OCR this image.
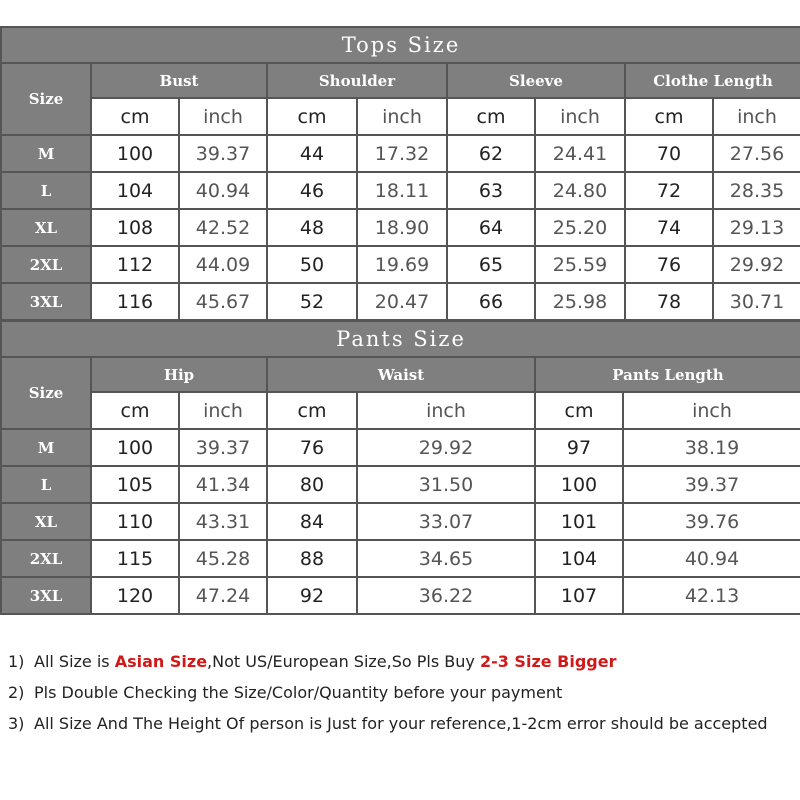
Tops Size								
Size	Bust		Shoulder		Sleeve		Clothe Length	
	cm	inch	cm	inch	cm	inch	cm	inch
M	100	39.37	44	17.32	62	24.41	70	27.56
L	104	40.94	46	18.11	63	24.80	72	28.35
XL	108	42.52	48	18.90	64	25.20	74	29.13
2XL	112	44.09	50	19.69	65	25.59	76	29.92
3XL	116	45.67	52	20.47	66	25.98	78	30.71
Pants Size						
Size	Hip		Waist		Pants Length	
	cm	inch	cm	inch	cm	inch
M	100	39.37	76	29.92	97	38.19
L	105	41.34	80	31.50	100	39.37
XL	110	43.31	84	33.07	101	39.76
2XL	115	45.28	88	34.65	104	40.94
3XL	120	47.24	92	36.22	107	42.13
1) All Size is Asian Size,Not US/European Size,So Pls Buy 2-3 Size Bigger
2) Pls Double Checking the Size/Color/Quantity before your payment
3) All Size And The Height Of person is Just for your reference,1-2cm error should be accepted
